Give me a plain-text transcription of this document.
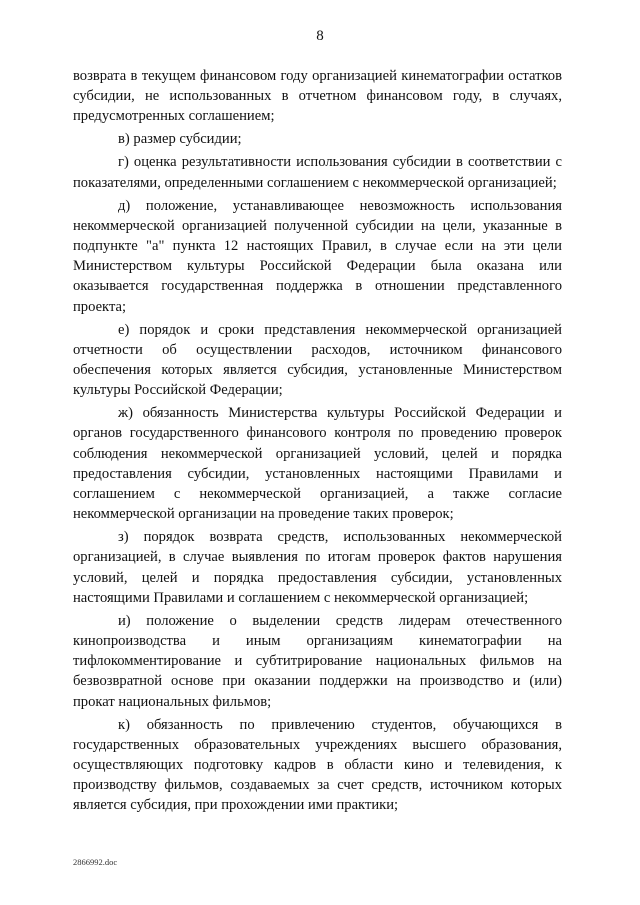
8

возврата в текущем финансовом году организацией кинематографии остатков субсидии, не использованных в отчетном финансовом году, в случаях, предусмотренных соглашением;

в) размер субсидии;

г) оценка результативности использования субсидии в соответствии с показателями, определенными соглашением с некоммерческой организацией;

д) положение, устанавливающее невозможность использования некоммерческой организацией полученной субсидии на цели, указанные в подпункте "а" пункта 12 настоящих Правил, в случае если на эти цели Министерством культуры Российской Федерации была оказана или оказывается государственная поддержка в отношении представленного проекта;

е) порядок и сроки представления некоммерческой организацией отчетности об осуществлении расходов, источником финансового обеспечения которых является субсидия, установленные Министерством культуры Российской Федерации;

ж) обязанность Министерства культуры Российской Федерации и органов государственного финансового контроля по проведению проверок соблюдения некоммерческой организацией условий, целей и порядка предоставления субсидии, установленных настоящими Правилами и соглашением с некоммерческой организацией, а также согласие некоммерческой организации на проведение таких проверок;

з) порядок возврата средств, использованных некоммерческой организацией, в случае выявления по итогам проверок фактов нарушения условий, целей и порядка предоставления субсидии, установленных настоящими Правилами и соглашением с некоммерческой организацией;

и) положение о выделении средств лидерам отечественного кинопроизводства и иным организациям кинематографии на тифлокомментирование и субтитрирование национальных фильмов на безвозвратной основе при оказании поддержки на производство и (или) прокат национальных фильмов;

к) обязанность по привлечению студентов, обучающихся в государственных образовательных учреждениях высшего образования, осуществляющих подготовку кадров в области кино и телевидения, к производству фильмов, создаваемых за счет средств, источником которых является субсидия, при прохождении ими практики;

2866992.doc
